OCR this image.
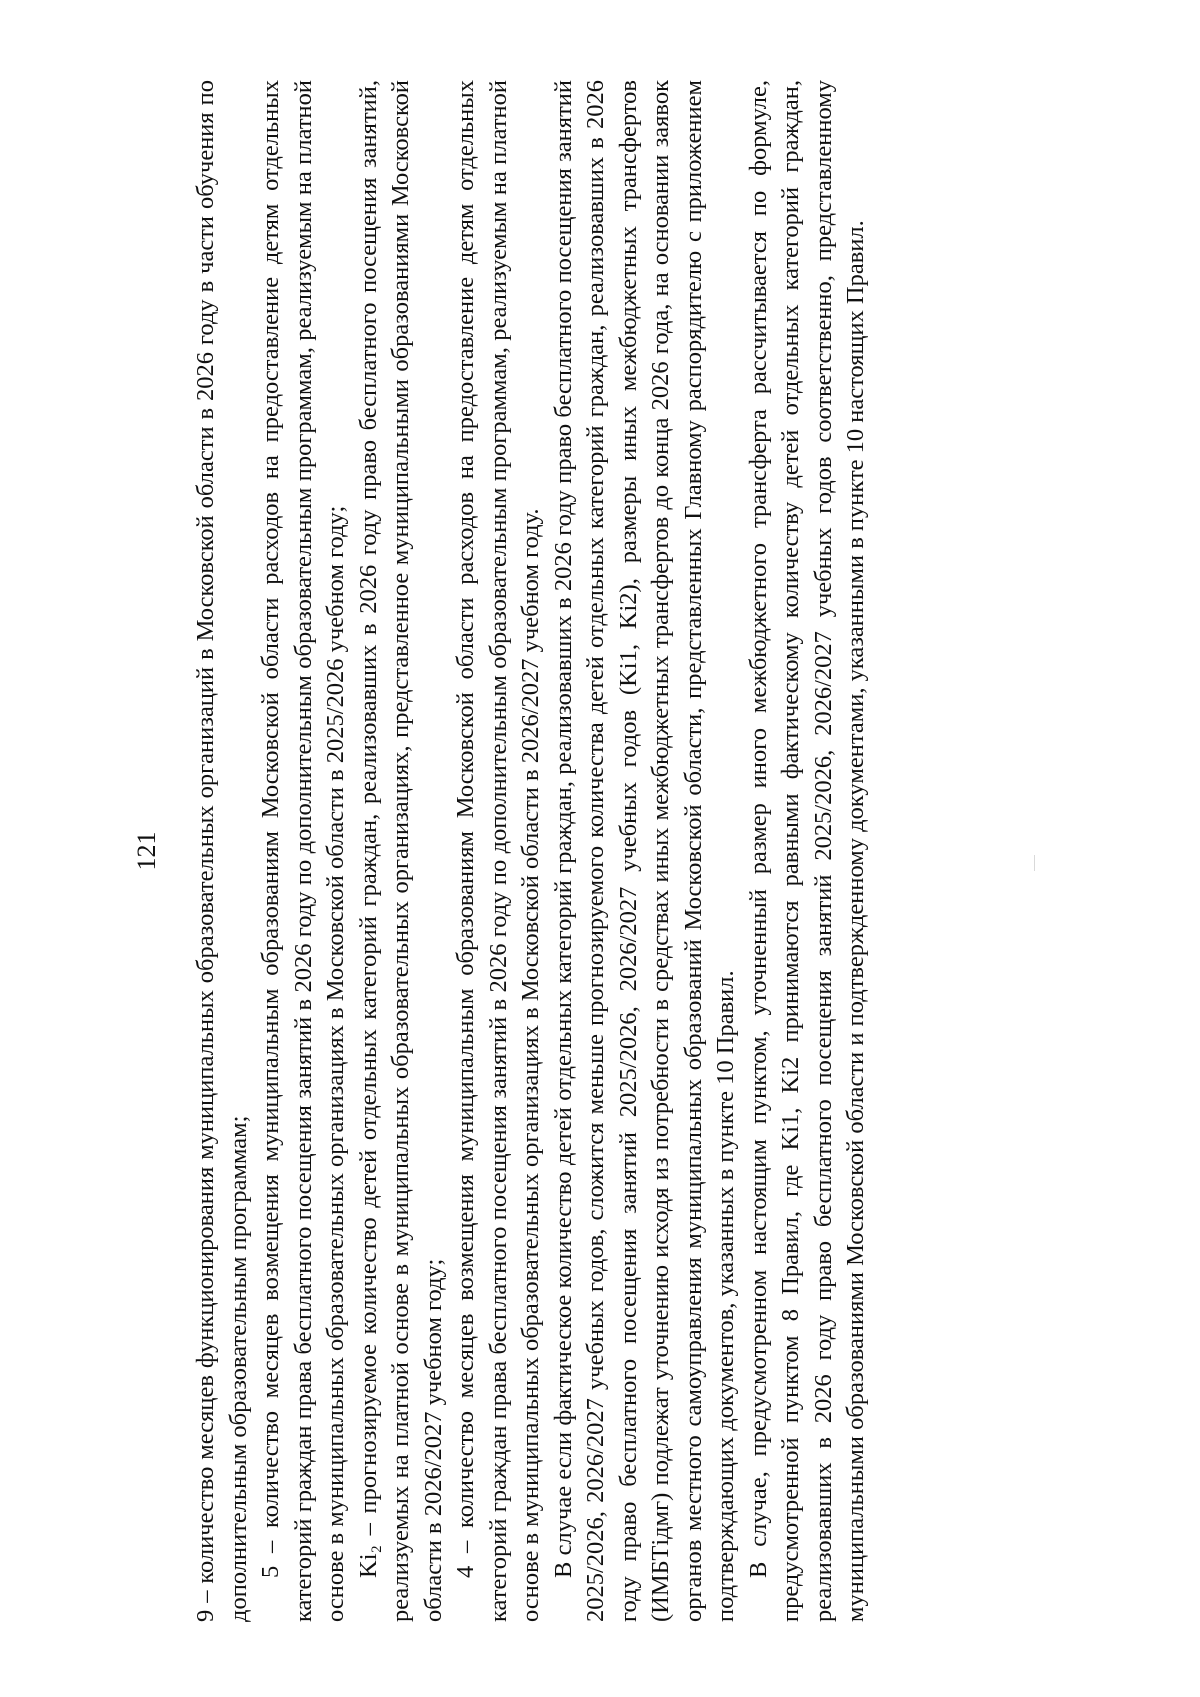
121 9 – количество месяцев функционирования муниципальных образовательных организаций в Московской области в 2026 году в части обучения по дополнительным образовательным программам; 5 – количество месяцев возмещения муниципальным образованиям Московской области расходов на предоставление детям отдельных категорий граждан права бесплатного посещения занятий в 2026 году по дополнительным образовательным программам, реализуемым на платной основе в муниципальных образовательных организациях в Московской области в 2025/2026 учебном году; Ki₂ – прогнозируемое количество детей отдельных категорий граждан, реализовавших в 2026 году право бесплатного посещения занятий, реализуемых на платной основе в муниципальных образовательных организациях, представленное муниципальными образованиями Московской области в 2026/2027 учебном году; 4 – количество месяцев возмещения муниципальным образованиям Московской области расходов на предоставление детям отдельных категорий граждан права бесплатного посещения занятий в 2026 году по дополнительным образовательным программам, реализуемым на платной основе в муниципальных образовательных организациях в Московской области в 2026/2027 учебном году. В случае если фактическое количество детей отдельных категорий граждан, реализовавших в 2026 году право бесплатного посещения занятий 2025/2026, 2026/2027 учебных годов, сложится меньше прогнозируемого количества детей отдельных категорий граждан, реализовавших в 2026 году право бесплатного посещения занятий 2025/2026, 2026/2027 учебных годов (Ki1, Ki2), размеры иных межбюджетных трансфертов (ИМБТiдмг) подлежат уточнению исходя из потребности в средствах иных межбюджетных трансфертов до конца 2026 года, на основании заявок органов местного самоуправления муниципальных образований Московской области, представленных Главному распорядителю с приложением подтверждающих документов, указанных в пункте 10 Правил. В случае, предусмотренном настоящим пунктом, уточненный размер иного межбюджетного трансферта рассчитывается по формуле, предусмотренной пунктом 8 Правил, где Ki1, Ki2 принимаются равными фактическому количеству детей отдельных категорий граждан, реализовавших в 2026 году право бесплатного посещения занятий 2025/2026, 2026/2027 учебных годов соответственно, представленному муниципальными образованиями Московской области и подтвержденному документами, указанными в пункте 10 настоящих Правил.
